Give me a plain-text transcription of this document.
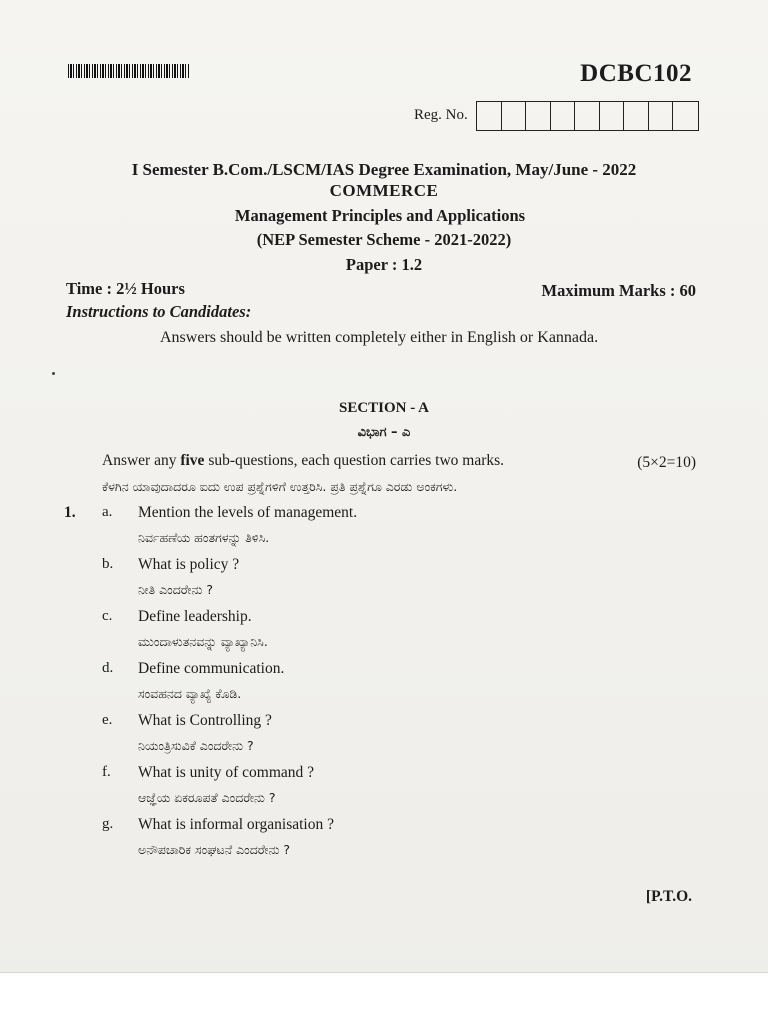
DCBC102
Reg. No.
I Semester B.Com./LSCM/IAS Degree Examination, May/June - 2022
COMMERCE
Management Principles and Applications
(NEP Semester Scheme - 2021-2022)
Paper : 1.2
Time : 2½ Hours	Maximum Marks : 60
Instructions to Candidates:
Answers should be written completely either in English or Kannada.
SECTION - A
ವಿಭಾಗ – ಎ
Answer any five sub-questions, each question carries two marks.	(5×2=10)
ಕೆಳಗಿನ ಯಾವುದಾದರೂ ಐದು ಉಪ ಪ್ರಶ್ನೆಗಳಿಗೆ ಉತ್ತರಿಸಿ. ಪ್ರತಿ ಪ್ರಶ್ನೆಗೂ ಎರಡು ಅಂಕಗಳು.
1. a. Mention the levels of management.
ನಿರ್ವಹಣೆಯ ಹಂತಗಳನ್ನು ತಿಳಿಸಿ.
b. What is policy ?
ನೀತಿ ಎಂದರೇನು ?
c. Define leadership.
ಮುಂದಾಳುತನವನ್ನು ವ್ಯಾಖ್ಯಾನಿಸಿ.
d. Define communication.
ಸಂವಹನದ ವ್ಯಾಖ್ಯೆ ಕೊಡಿ.
e. What is Controlling ?
ನಿಯಂತ್ರಿಸುವಿಕೆ ಎಂದರೇನು ?
f. What is unity of command ?
ಆಜ್ಞೆಯ ಏಕರೂಪತೆ ಎಂದರೇನು ?
g. What is informal organisation ?
ಅನೌಪಚಾರಿಕ ಸಂಘಟನೆ ಎಂದರೇನು ?
[P.T.O.
